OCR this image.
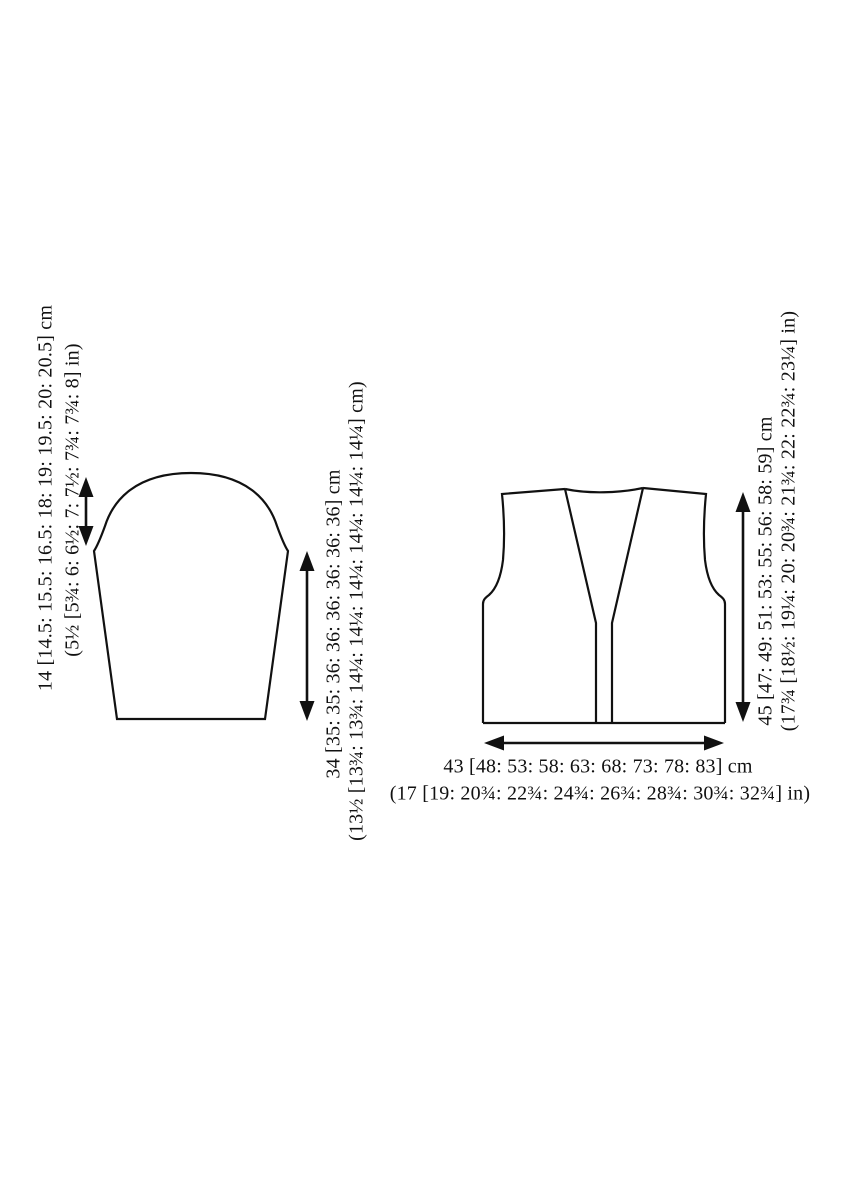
14 [14.5: 15.5: 16.5: 18: 19: 19.5: 20: 20.5] cm (5½ [5¾: 6: 6½: 7: 7½: 7¾: 7¾: 8] in)	34 [35: 35: 36: 36: 36: 36: 36: 36] cm (13½ [13¾: 13¾: 14¼: 14¼: 14¼: 14¼: 14¼: 14¼] cm)	45 [47: 49: 51: 53: 55: 56: 58: 59] cm (17¾ [18½: 19¼: 20: 20¾: 21¾: 22: 22¾: 23¼] in)
43 [48: 53: 58: 63: 68: 73: 78: 83] cm
(17 [19: 20¾: 22¾: 24¾: 26¾: 28¾: 30¾: 32¾] in)
